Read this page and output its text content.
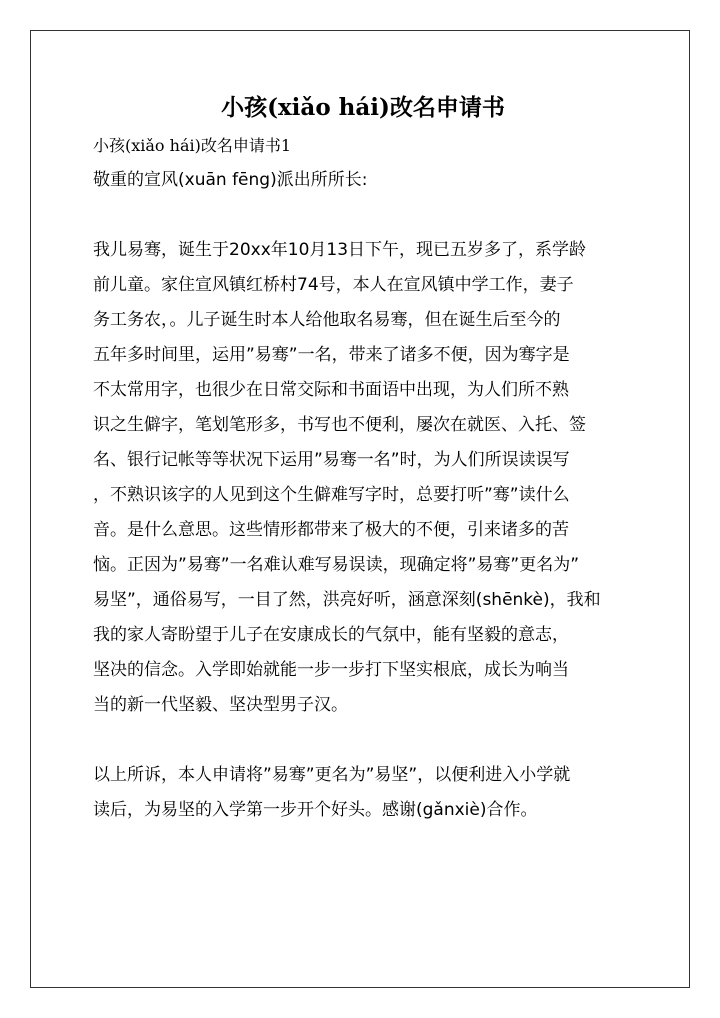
小孩(xiǎo hái)改名申请书
小孩(xiǎo hái)改名申请书1
敬重的宣风(xuān fēng)派出所所长:
我儿易骞，诞生于20xx年10月13日下午，现已五岁多了，系学龄
前儿童。家住宣风镇红桥村74号，本人在宣风镇中学工作，妻子
务工务农，。儿子诞生时本人给他取名易骞，但在诞生后至今的
五年多时间里，运用”易骞”一名，带来了诸多不便，因为骞字是
不太常用字，也很少在日常交际和书面语中出现，为人们所不熟
识之生僻字，笔划笔形多，书写也不便利，屡次在就医、入托、签
名、银行记帐等等状况下运用”易骞一名”时，为人们所误读误写
，不熟识该字的人见到这个生僻难写字时，总要打听”骞”读什么
音。是什么意思。这些情形都带来了极大的不便，引来诸多的苦
恼。正因为”易骞”一名难认难写易误读，现确定将”易骞”更名为”
易坚”，通俗易写，一目了然，洪亮好听，涵意深刻(shēnkè)，我和
我的家人寄盼望于儿子在安康成长的气氛中，能有坚毅的意志，
坚决的信念。入学即始就能一步一步打下坚实根底，成长为响当
当的新一代坚毅、坚决型男子汉。
以上所诉，本人申请将”易骞”更名为”易坚”，以便利进入小学就
读后，为易坚的入学第一步开个好头。感谢(gǎnxiè)合作。
